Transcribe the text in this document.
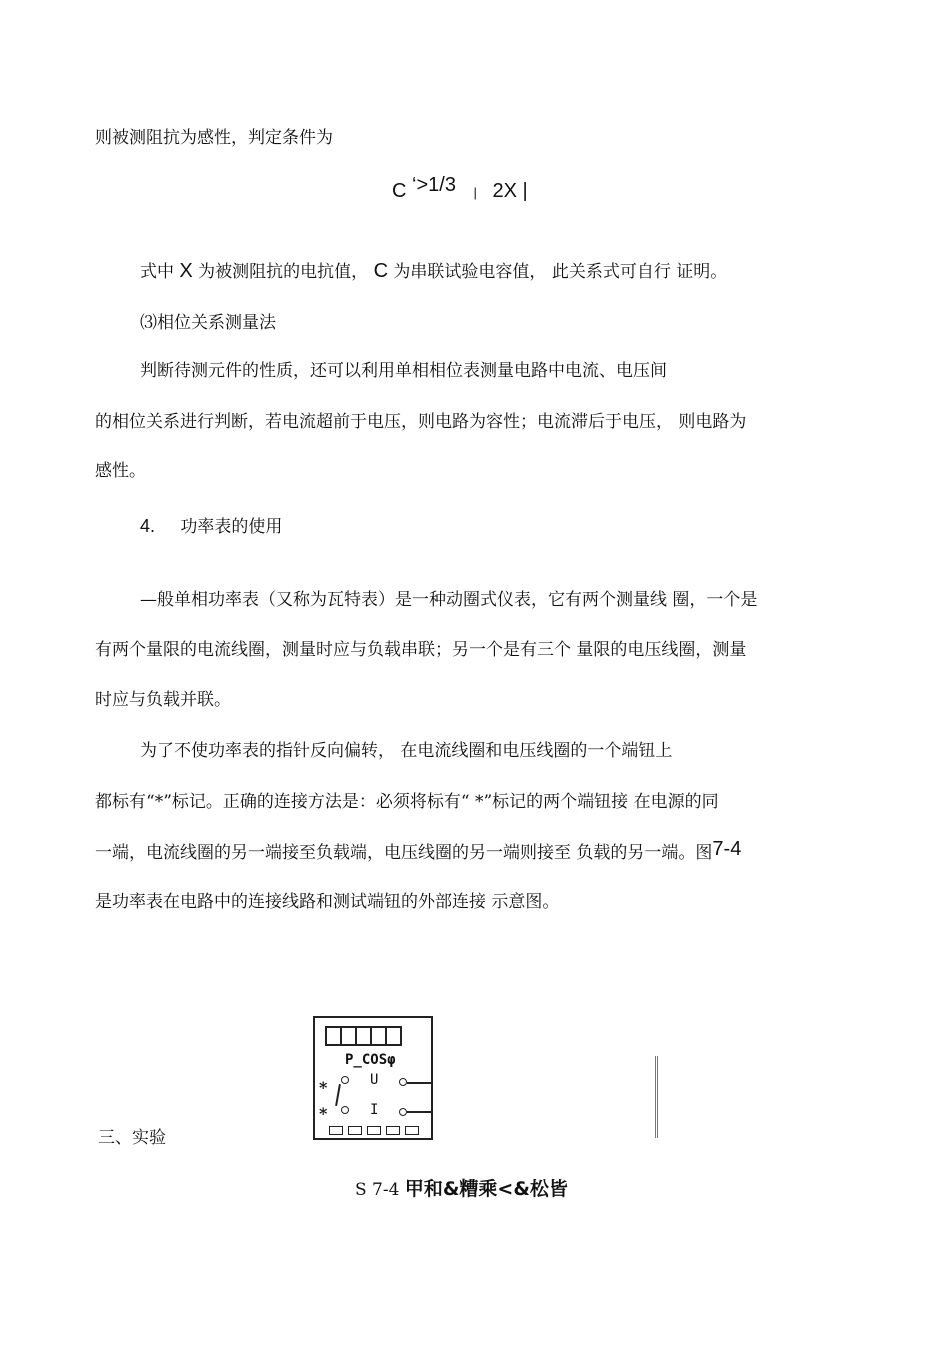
则被测阻抗为感性，判定条件为
C ‘>1/3 | 2X |
式中 X 为被测阻抗的电抗值， C 为串联试验电容值， 此关系式可自行 证明。
⑶相位关系测量法
判断待测元件的性质，还可以利用单相相位表测量电路中电流、电压间
的相位关系进行判断，若电流超前于电压，则电路为容性；电流滞后于电压， 则电路为
感性。
4. 功率表的使用
—般单相功率表（又称为瓦特表）是一种动圈式仪表，它有两个测量线 圈，一个是
有两个量限的电流线圈，测量时应与负载串联；另一个是有三个 量限的电压线圈，测量
时应与负载并联。
为了不使功率表的指针反向偏转， 在电流线圈和电压线圈的一个端钮上
都标有“*”标记。正确的连接方法是：必须将标有“ *”标记的两个端钮接 在电源的同
一端，电流线圈的另一端接至负载端，电压线圈的另一端则接至 负载的另一端。图7-4
是功率表在电路中的连接线路和测试端钮的外部连接 示意图。
三、实验
P_COSφ
*
*
U
I
S 7-4 甲和&糟乘<&松皆
